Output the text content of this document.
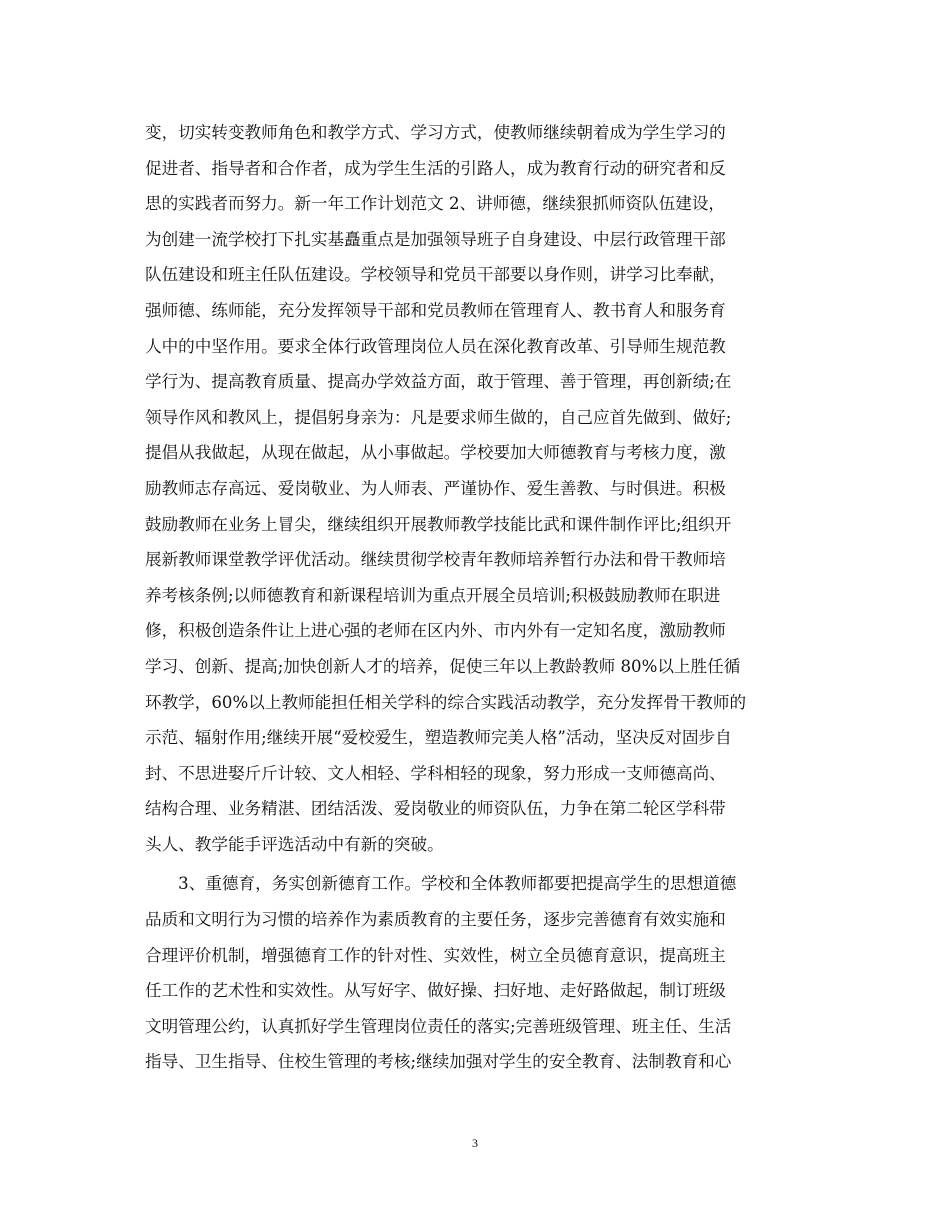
变，切实转变教师角色和教学方式、学习方式，使教师继续朝着成为学生学习的
促进者、指导者和合作者，成为学生生活的引路人，成为教育行动的研究者和反
思的实践者而努力。新一年工作计划范文 2、讲师德，继续狠抓师资队伍建设，
为创建一流学校打下扎实基矗重点是加强领导班子自身建设、中层行政管理干部
队伍建设和班主任队伍建设。学校领导和党员干部要以身作则，讲学习比奉献，
强师德、练师能，充分发挥领导干部和党员教师在管理育人、教书育人和服务育
人中的中坚作用。要求全体行政管理岗位人员在深化教育改革、引导师生规范教
学行为、提高教育质量、提高办学效益方面，敢于管理、善于管理，再创新绩;在
领导作风和教风上，提倡躬身亲为：凡是要求师生做的，自己应首先做到、做好;
提倡从我做起，从现在做起，从小事做起。学校要加大师德教育与考核力度，激
励教师志存高远、爱岗敬业、为人师表、严谨协作、爱生善教、与时俱进。积极
鼓励教师在业务上冒尖，继续组织开展教师教学技能比武和课件制作评比;组织开
展新教师课堂教学评优活动。继续贯彻学校青年教师培养暂行办法和骨干教师培
养考核条例;以师德教育和新课程培训为重点开展全员培训;积极鼓励教师在职进
修，积极创造条件让上进心强的老师在区内外、市内外有一定知名度，激励教师
学习、创新、提高;加快创新人才的培养，促使三年以上教龄教师 80%以上胜任循
环教学，60%以上教师能担任相关学科的综合实践活动教学，充分发挥骨干教师的
示范、辐射作用;继续开展“爱校爱生，塑造教师完美人格”活动，坚决反对固步自
封、不思进娶斤斤计较、文人相轻、学科相轻的现象，努力形成一支师德高尚、
结构合理、业务精湛、团结活泼、爱岗敬业的师资队伍，力争在第二轮区学科带
头人、教学能手评选活动中有新的突破。
　　3、重德育，务实创新德育工作。学校和全体教师都要把提高学生的思想道德
品质和文明行为习惯的培养作为素质教育的主要任务，逐步完善德育有效实施和
合理评价机制，增强德育工作的针对性、实效性，树立全员德育意识，提高班主
任工作的艺术性和实效性。从写好字、做好操、扫好地、走好路做起，制订班级
文明管理公约，认真抓好学生管理岗位责任的落实;完善班级管理、班主任、生活
指导、卫生指导、住校生管理的考核;继续加强对学生的安全教育、法制教育和心
3
